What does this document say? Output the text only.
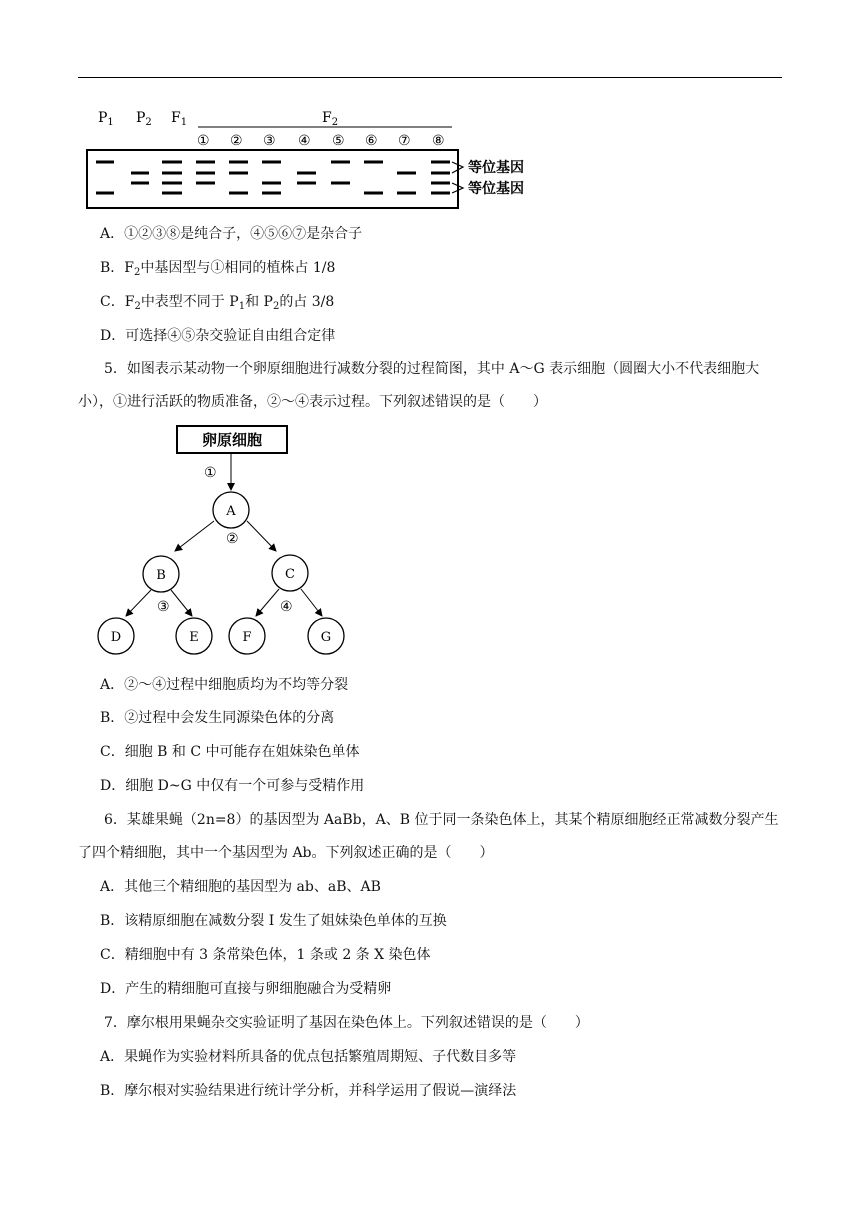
$P_1$ $P_2$ $F_1$	$F_2$
① ② ③ ④ ⑤ ⑥ ⑦ ⑧
等位基因
等位基因
A．①②③⑧是纯合子，④⑤⑥⑦是杂合子
B．$F_2$中基因型与①相同的植株占 1/8
C．$F_2$中表型不同于 $P_1$和 $P_2$的占 3/8
D．可选择④⑤杂交验证自由组合定律
5．如图表示某动物一个卵原细胞进行减数分裂的过程简图，其中 A～G 表示细胞（圆圈大小不代表细胞大
小），①进行活跃的物质准备，②～④表示过程。下列叙述错误的是（　　）
卵原细胞
①
A
②
B	C
③	④
D	E	F	G
A．②～④过程中细胞质均为不均等分裂
B．②过程中会发生同源染色体的分离
C．细胞 B 和 C 中可能存在姐妹染色单体
D．细胞 D~G 中仅有一个可参与受精作用
6．某雄果蝇（2n=8）的基因型为 AaBb，A、B 位于同一条染色体上，其某个精原细胞经正常减数分裂产生
了四个精细胞，其中一个基因型为 Ab。下列叙述正确的是（　　）
A．其他三个精细胞的基因型为 ab、aB、AB
B．该精原细胞在减数分裂 I 发生了姐妹染色单体的互换
C．精细胞中有 3 条常染色体，1 条或 2 条 X 染色体
D．产生的精细胞可直接与卵细胞融合为受精卵
7．摩尔根用果蝇杂交实验证明了基因在染色体上。下列叙述错误的是（　　）
A．果蝇作为实验材料所具备的优点包括繁殖周期短、子代数目多等
B．摩尔根对实验结果进行统计学分析，并科学运用了假说—演绎法
